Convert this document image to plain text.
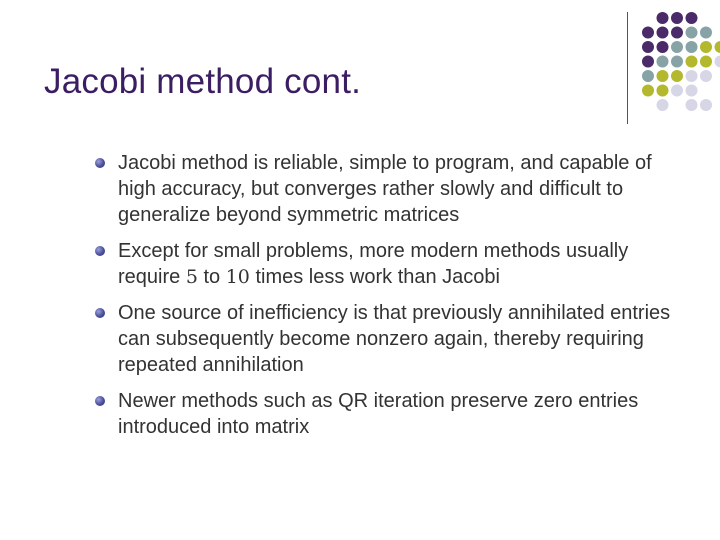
Jacobi method cont.
Jacobi method is reliable, simple to program, and capable of high accuracy, but converges rather slowly and difficult to generalize beyond symmetric matrices
Except for small problems, more modern methods usually require 5 to 10 times less work than Jacobi
One source of inefficiency is that previously annihilated entries can subsequently become nonzero again, thereby requiring repeated annihilation
Newer methods such as QR iteration preserve zero entries introduced into matrix
